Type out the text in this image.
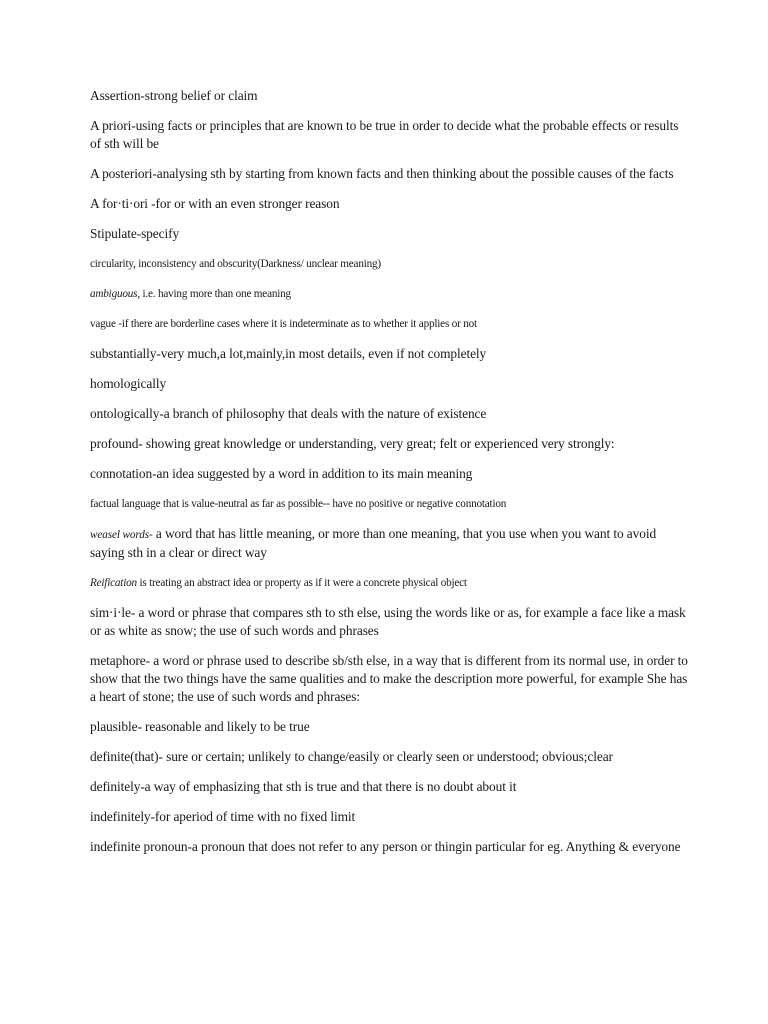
Assertion-strong belief or claim

A priori-using facts or principles that are known to be true in order to decide what the probable effects or results of sth will be

A posteriori-analysing sth by starting from known facts and then thinking about the possible causes of the facts

A for·ti·ori -for or with an even stronger reason

Stipulate-specify

circularity, inconsistency and obscurity(Darkness/ unclear meaning)

ambiguous, i.e. having more than one meaning

vague -if there are borderline cases where it is indeterminate as to whether it applies or not

substantially-very much,a lot,mainly,in most details, even if not completely

homologically

ontologically-a branch of philosophy that deals with the nature of existence

profound- showing great knowledge or understanding, very great; felt or experienced very strongly:

connotation-an idea suggested by a word in addition to its main meaning

factual language that is value-neutral as far as possible-- have no positive or negative connotation

weasel words- a word that has little meaning, or more than one meaning, that you use when you want to avoid saying sth in a clear or direct way

Reification is treating an abstract idea or property as if it were a concrete physical object

sim·i·le- a word or phrase that compares sth to sth else, using the words like or as, for example a face like a mask or as white as snow; the use of such words and phrases

metaphore- a word or phrase used to describe sb/sth else, in a way that is different from its normal use, in order to show that the two things have the same qualities and to make the description more powerful, for example She has a heart of stone; the use of such words and phrases:

plausible- reasonable and likely to be true

definite(that)- sure or certain; unlikely to change/easily or clearly seen or understood; obvious;clear

definitely-a way of emphasizing that sth is true and that there is no doubt about it

indefinitely-for aperiod of time with no fixed limit

indefinite pronoun-a pronoun that does not refer to any person or thingin particular for eg. Anything & everyone
